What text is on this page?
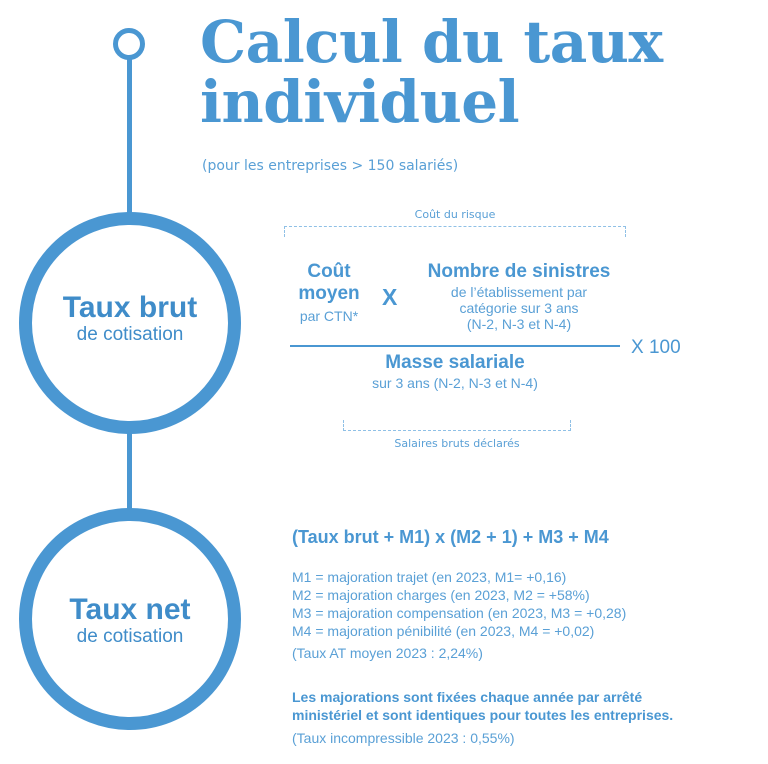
Taux brut
de cotisation
Taux net
de cotisation
Calcul du taux
individuel
(pour les entreprises > 150 salariés)
Coût du risque
Coût
moyen
par CTN*
X
Nombre de sinistres
de l’établissement par
catégorie sur 3 ans
(N-2, N-3 et N-4)
X 100
Masse salariale
sur 3 ans (N-2, N-3 et N-4)
Salaires bruts déclarés
(Taux brut + M1) x (M2 + 1) + M3 + M4
M1 = majoration trajet (en 2023, M1= +0,16)
M2 = majoration charges (en 2023, M2 = +58%)
M3 = majoration compensation (en 2023, M3 = +0,28)
M4 = majoration pénibilité (en 2023, M4 = +0,02)
(Taux AT moyen 2023 : 2,24%)
Les majorations sont fixées chaque année par arrêté
ministériel et sont identiques pour toutes les entreprises.
(Taux incompressible 2023 : 0,55%)
